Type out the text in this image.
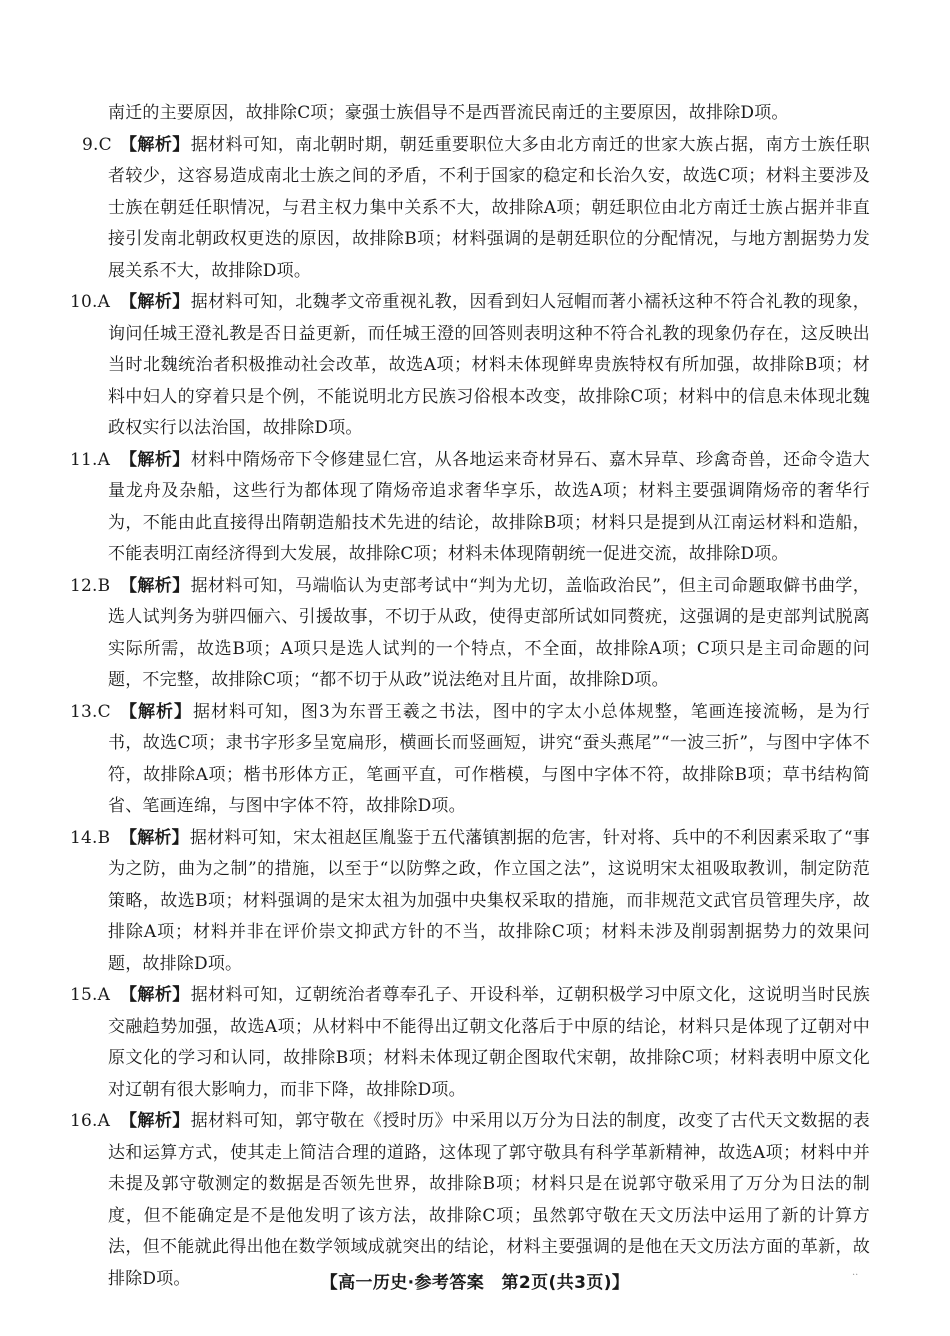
南迁的主要原因，故排除C项；豪强士族倡导不是西晋流民南迁的主要原因，故排除D项。
9.C 【解析】据材料可知，南北朝时期，朝廷重要职位大多由北方南迁的世家大族占据，南方士族任职者较少，这容易造成南北士族之间的矛盾，不利于国家的稳定和长治久安，故选C项；材料主要涉及士族在朝廷任职情况，与君主权力集中关系不大，故排除A项；朝廷职位由北方南迁士族占据并非直接引发南北朝政权更迭的原因，故排除B项；材料强调的是朝廷职位的分配情况，与地方割据势力发展关系不大，故排除D项。
10.A 【解析】据材料可知，北魏孝文帝重视礼教，因看到妇人冠帽而著小襦袄这种不符合礼教的现象，询问任城王澄礼教是否日益更新，而任城王澄的回答则表明这种不符合礼教的现象仍存在，这反映出当时北魏统治者积极推动社会改革，故选A项；材料未体现鲜卑贵族特权有所加强，故排除B项；材料中妇人的穿着只是个例，不能说明北方民族习俗根本改变，故排除C项；材料中的信息未体现北魏政权实行以法治国，故排除D项。
11.A 【解析】材料中隋炀帝下令修建显仁宫，从各地运来奇材异石、嘉木异草、珍禽奇兽，还命令造大量龙舟及杂船，这些行为都体现了隋炀帝追求奢华享乐，故选A项；材料主要强调隋炀帝的奢华行为，不能由此直接得出隋朝造船技术先进的结论，故排除B项；材料只是提到从江南运材料和造船，不能表明江南经济得到大发展，故排除C项；材料未体现隋朝统一促进交流，故排除D项。
12.B 【解析】据材料可知，马端临认为吏部考试中“判为尤切，盖临政治民”，但主司命题取僻书曲学，选人试判务为骈四俪六、引援故事，不切于从政，使得吏部所试如同赘疣，这强调的是吏部判试脱离实际所需，故选B项；A项只是选人试判的一个特点，不全面，故排除A项；C项只是主司命题的问题，不完整，故排除C项；“都不切于从政”说法绝对且片面，故排除D项。
13.C 【解析】据材料可知，图3为东晋王羲之书法，图中的字太小总体规整，笔画连接流畅，是为行书，故选C项；隶书字形多呈宽扁形，横画长而竖画短，讲究“蚕头燕尾”“一波三折”，与图中字体不符，故排除A项；楷书形体方正，笔画平直，可作楷模，与图中字体不符，故排除B项；草书结构简省、笔画连绵，与图中字体不符，故排除D项。
14.B 【解析】据材料可知，宋太祖赵匡胤鉴于五代藩镇割据的危害，针对将、兵中的不利因素采取了“事为之防，曲为之制”的措施，以至于“以防弊之政，作立国之法”，这说明宋太祖吸取教训，制定防范策略，故选B项；材料强调的是宋太祖为加强中央集权采取的措施，而非规范文武官员管理失序，故排除A项；材料并非在评价崇文抑武方针的不当，故排除C项；材料未涉及削弱割据势力的效果问题，故排除D项。
15.A 【解析】据材料可知，辽朝统治者尊奉孔子、开设科举，辽朝积极学习中原文化，这说明当时民族交融趋势加强，故选A项；从材料中不能得出辽朝文化落后于中原的结论，材料只是体现了辽朝对中原文化的学习和认同，故排除B项；材料未体现辽朝企图取代宋朝，故排除C项；材料表明中原文化对辽朝有很大影响力，而非下降，故排除D项。
16.A 【解析】据材料可知，郭守敬在《授时历》中采用以万分为日法的制度，改变了古代天文数据的表达和运算方式，使其走上简洁合理的道路，这体现了郭守敬具有科学革新精神，故选A项；材料中并未提及郭守敬测定的数据是否领先世界，故排除B项；材料只是在说郭守敬采用了万分为日法的制度，但不能确定是不是他发明了该方法，故排除C项；虽然郭守敬在天文历法中运用了新的计算方法，但不能就此得出他在数学领域成就突出的结论，材料主要强调的是他在天文历法方面的革新，故排除D项。	【高一历史·参考答案　第2页(共3页)】	··
